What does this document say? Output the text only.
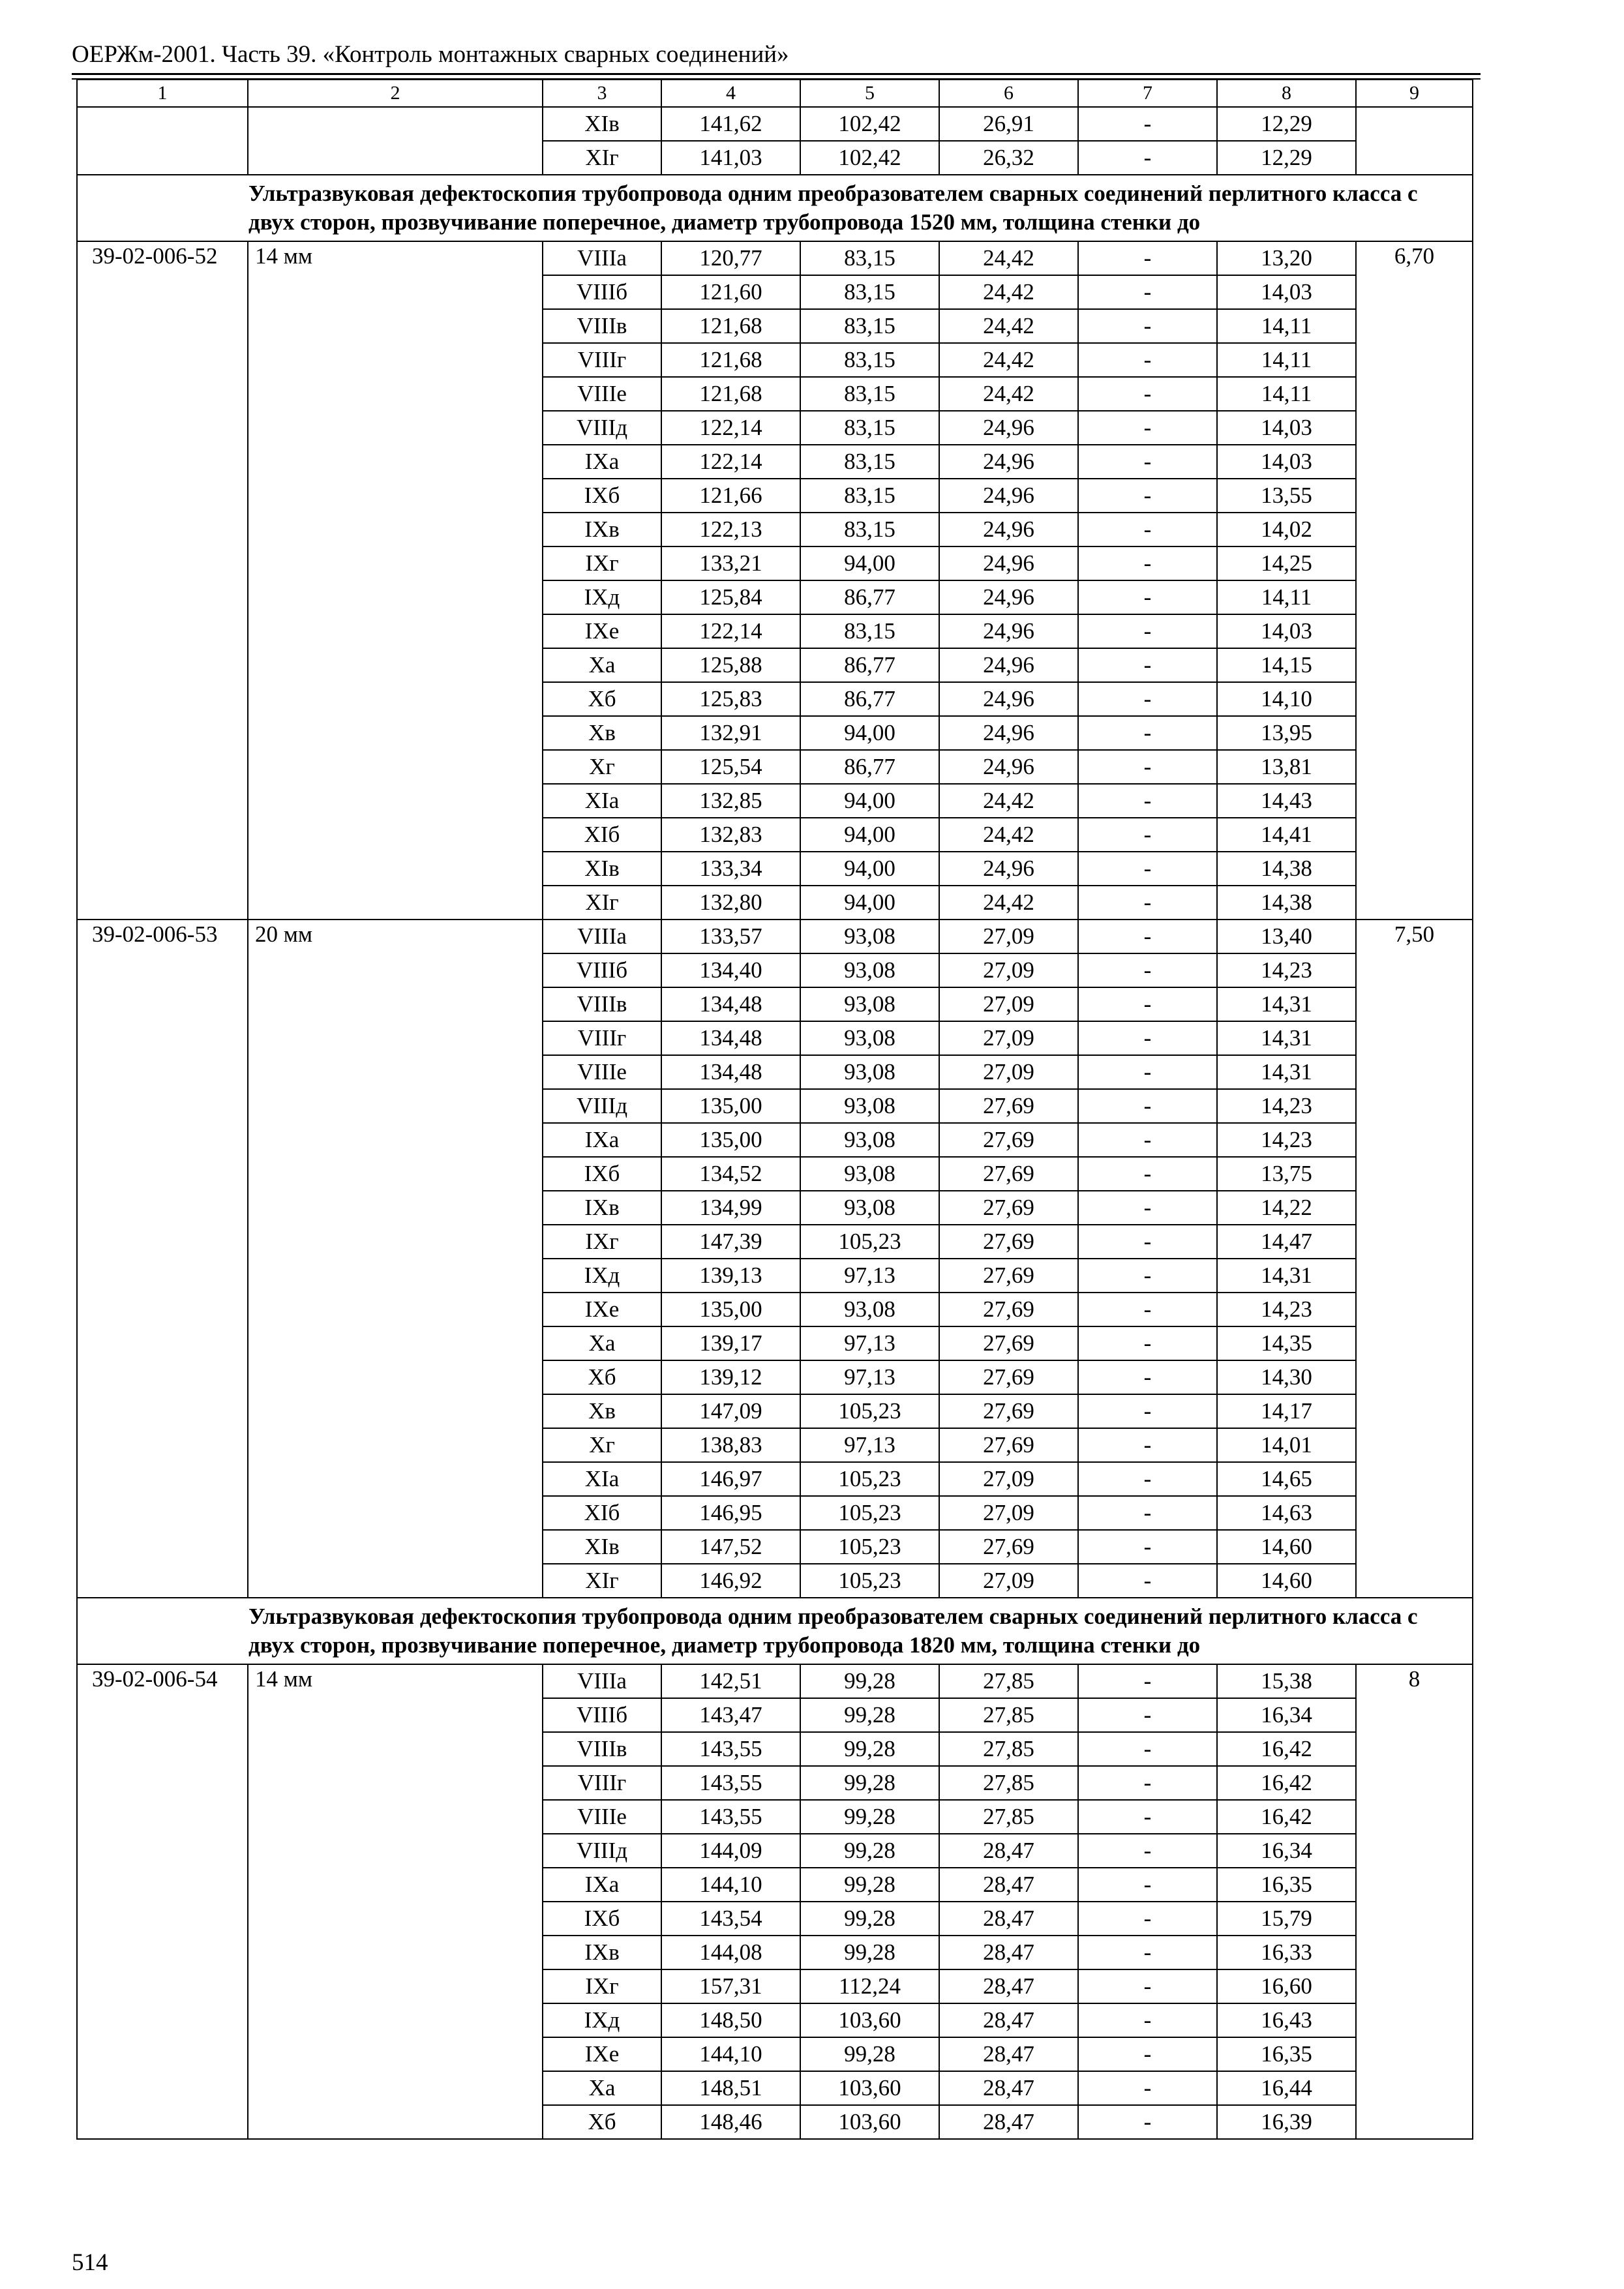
ОЕРЖм-2001. Часть 39. «Контроль монтажных сварных соединений»
1	2	3	4	5	6	7	8	9
		XIв	141,62	102,42	26,91	-	12,29	
		XIг	141,03	102,42	26,32	-	12,29	
Ультразвуковая дефектоскопия трубопровода одним преобразователем сварных соединений перлитного класса с двух сторон, прозвучивание поперечное, диаметр трубопровода 1520 мм, толщина стенки до								
39-02-006-52	14 мм	VIIIа	120,77	83,15	24,42	-	13,20	6,70
		VIIIб	121,60	83,15	24,42	-	14,03	
		VIIIв	121,68	83,15	24,42	-	14,11	
		VIIIг	121,68	83,15	24,42	-	14,11	
		VIIIе	121,68	83,15	24,42	-	14,11	
		VIIIд	122,14	83,15	24,96	-	14,03	
		IXа	122,14	83,15	24,96	-	14,03	
		IXб	121,66	83,15	24,96	-	13,55	
		IXв	122,13	83,15	24,96	-	14,02	
		IXг	133,21	94,00	24,96	-	14,25	
		IXд	125,84	86,77	24,96	-	14,11	
		IXе	122,14	83,15	24,96	-	14,03	
		Xа	125,88	86,77	24,96	-	14,15	
		Xб	125,83	86,77	24,96	-	14,10	
		Xв	132,91	94,00	24,96	-	13,95	
		Xг	125,54	86,77	24,96	-	13,81	
		XIа	132,85	94,00	24,42	-	14,43	
		XIб	132,83	94,00	24,42	-	14,41	
		XIв	133,34	94,00	24,96	-	14,38	
		XIг	132,80	94,00	24,42	-	14,38	
39-02-006-53	20 мм	VIIIа	133,57	93,08	27,09	-	13,40	7,50
		VIIIб	134,40	93,08	27,09	-	14,23	
		VIIIв	134,48	93,08	27,09	-	14,31	
		VIIIг	134,48	93,08	27,09	-	14,31	
		VIIIе	134,48	93,08	27,09	-	14,31	
		VIIIд	135,00	93,08	27,69	-	14,23	
		IXа	135,00	93,08	27,69	-	14,23	
		IXб	134,52	93,08	27,69	-	13,75	
		IXв	134,99	93,08	27,69	-	14,22	
		IXг	147,39	105,23	27,69	-	14,47	
		IXд	139,13	97,13	27,69	-	14,31	
		IXе	135,00	93,08	27,69	-	14,23	
		Xа	139,17	97,13	27,69	-	14,35	
		Xб	139,12	97,13	27,69	-	14,30	
		Xв	147,09	105,23	27,69	-	14,17	
		Xг	138,83	97,13	27,69	-	14,01	
		XIа	146,97	105,23	27,09	-	14,65	
		XIб	146,95	105,23	27,09	-	14,63	
		XIв	147,52	105,23	27,69	-	14,60	
		XIг	146,92	105,23	27,09	-	14,60	
Ультразвуковая дефектоскопия трубопровода одним преобразователем сварных соединений перлитного класса с двух сторон, прозвучивание поперечное, диаметр трубопровода 1820 мм, толщина стенки до								
39-02-006-54	14 мм	VIIIа	142,51	99,28	27,85	-	15,38	8
		VIIIб	143,47	99,28	27,85	-	16,34	
		VIIIв	143,55	99,28	27,85	-	16,42	
		VIIIг	143,55	99,28	27,85	-	16,42	
		VIIIе	143,55	99,28	27,85	-	16,42	
		VIIIд	144,09	99,28	28,47	-	16,34	
		IXа	144,10	99,28	28,47	-	16,35	
		IXб	143,54	99,28	28,47	-	15,79	
		IXв	144,08	99,28	28,47	-	16,33	
		IXг	157,31	112,24	28,47	-	16,60	
		IXд	148,50	103,60	28,47	-	16,43	
		IXе	144,10	99,28	28,47	-	16,35	
		Xа	148,51	103,60	28,47	-	16,44	
		Xб	148,46	103,60	28,47	-	16,39	
514
